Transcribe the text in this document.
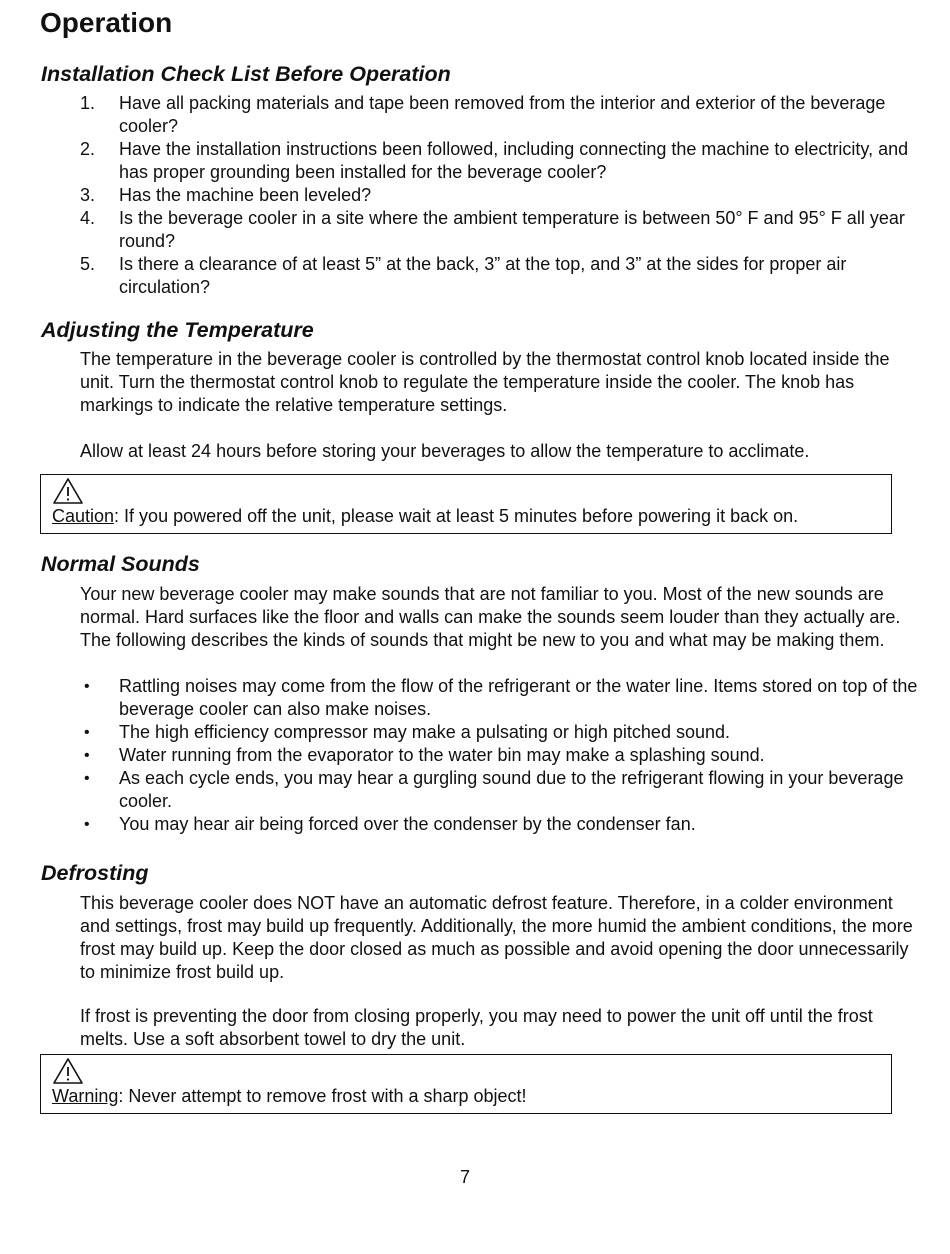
Operation
Installation Check List Before Operation
1.	Have all packing materials and tape been removed from the interior and exterior of the beverage cooler?
2.	Have the installation instructions been followed, including connecting the machine to electricity, and has proper grounding been installed for the beverage cooler?
3.	Has the machine been leveled?
4.	Is the beverage cooler in a site where the ambient temperature is between 50° F and 95° F all year round?
5.	Is there a clearance of at least 5” at the back, 3” at the top, and 3” at the sides for proper air circulation?
Adjusting the Temperature

The temperature in the beverage cooler is controlled by the thermostat control knob located inside the unit. Turn the thermostat control knob to regulate the temperature inside the cooler. The knob has markings to indicate the relative temperature settings.

Allow at least 24 hours before storing your beverages to allow the temperature to acclimate.

Caution: If you powered off the unit, please wait at least 5 minutes before powering it back on.
Normal Sounds

Your new beverage cooler may make sounds that are not familiar to you. Most of the new sounds are normal. Hard surfaces like the floor and walls can make the sounds seem louder than they actually are. The following describes the kinds of sounds that might be new to you and what may be making them.

•	Rattling noises may come from the flow of the refrigerant or the water line. Items stored on top of the beverage cooler can also make noises.
•	The high efficiency compressor may make a pulsating or high pitched sound.
•	Water running from the evaporator to the water bin may make a splashing sound.
•	As each cycle ends, you may hear a gurgling sound due to the refrigerant flowing in your beverage cooler.
•	You may hear air being forced over the condenser by the condenser fan.
Defrosting

This beverage cooler does NOT have an automatic defrost feature. Therefore, in a colder environment and settings, frost may build up frequently. Additionally, the more humid the ambient conditions, the more frost may build up. Keep the door closed as much as possible and avoid opening the door unnecessarily to minimize frost build up.

If frost is preventing the door from closing properly, you may need to power the unit off until the frost melts. Use a soft absorbent towel to dry the unit.

Warning: Never attempt to remove frost with a sharp object!
7
